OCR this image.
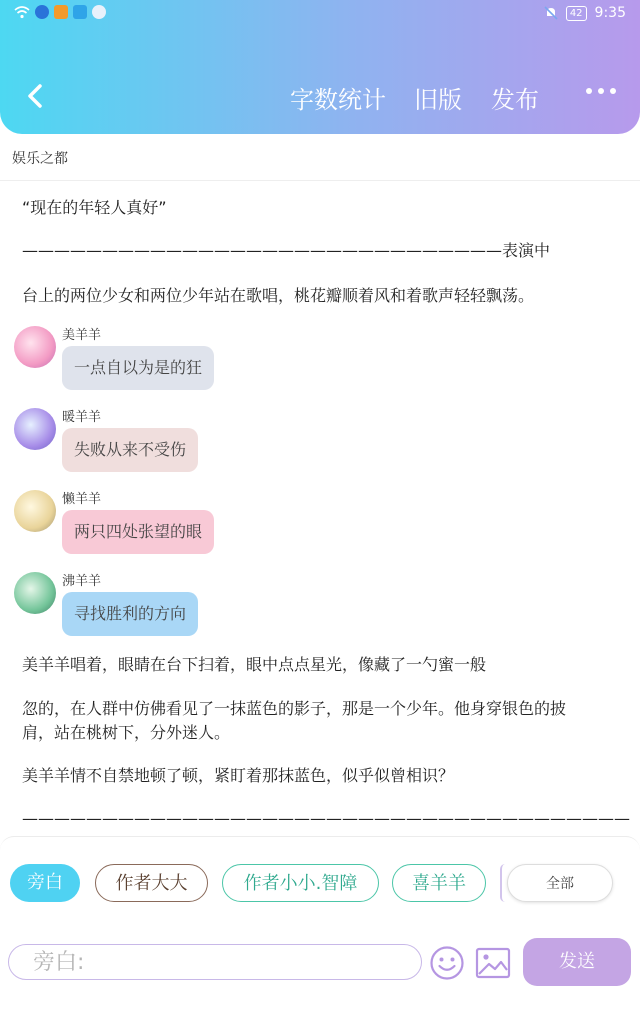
42 9:35
字数统计 旧版 发布
娱乐之都
“现在的年轻人真好”
——————————————————————————————表演中
台上的两位少女和两位少年站在歌唱，桃花瓣顺着风和着歌声轻轻飘荡。
美羊羊
一点自以为是的狂
暖羊羊
失败从来不受伤
懒羊羊
两只四处张望的眼
沸羊羊
寻找胜利的方向
美羊羊唱着，眼睛在台下扫着，眼中点点星光，像藏了一勺蜜一般
忽的，在人群中仿佛看见了一抹蓝色的影子，那是一个少年。他身穿银色的披
肩，站在桃树下，分外迷人。
美羊羊情不自禁地顿了顿，紧盯着那抹蓝色，似乎似曾相识？
——————————————————————————————————————
旁白	作者大大	作者小小.智障	喜羊羊	全部
旁白:
发送
